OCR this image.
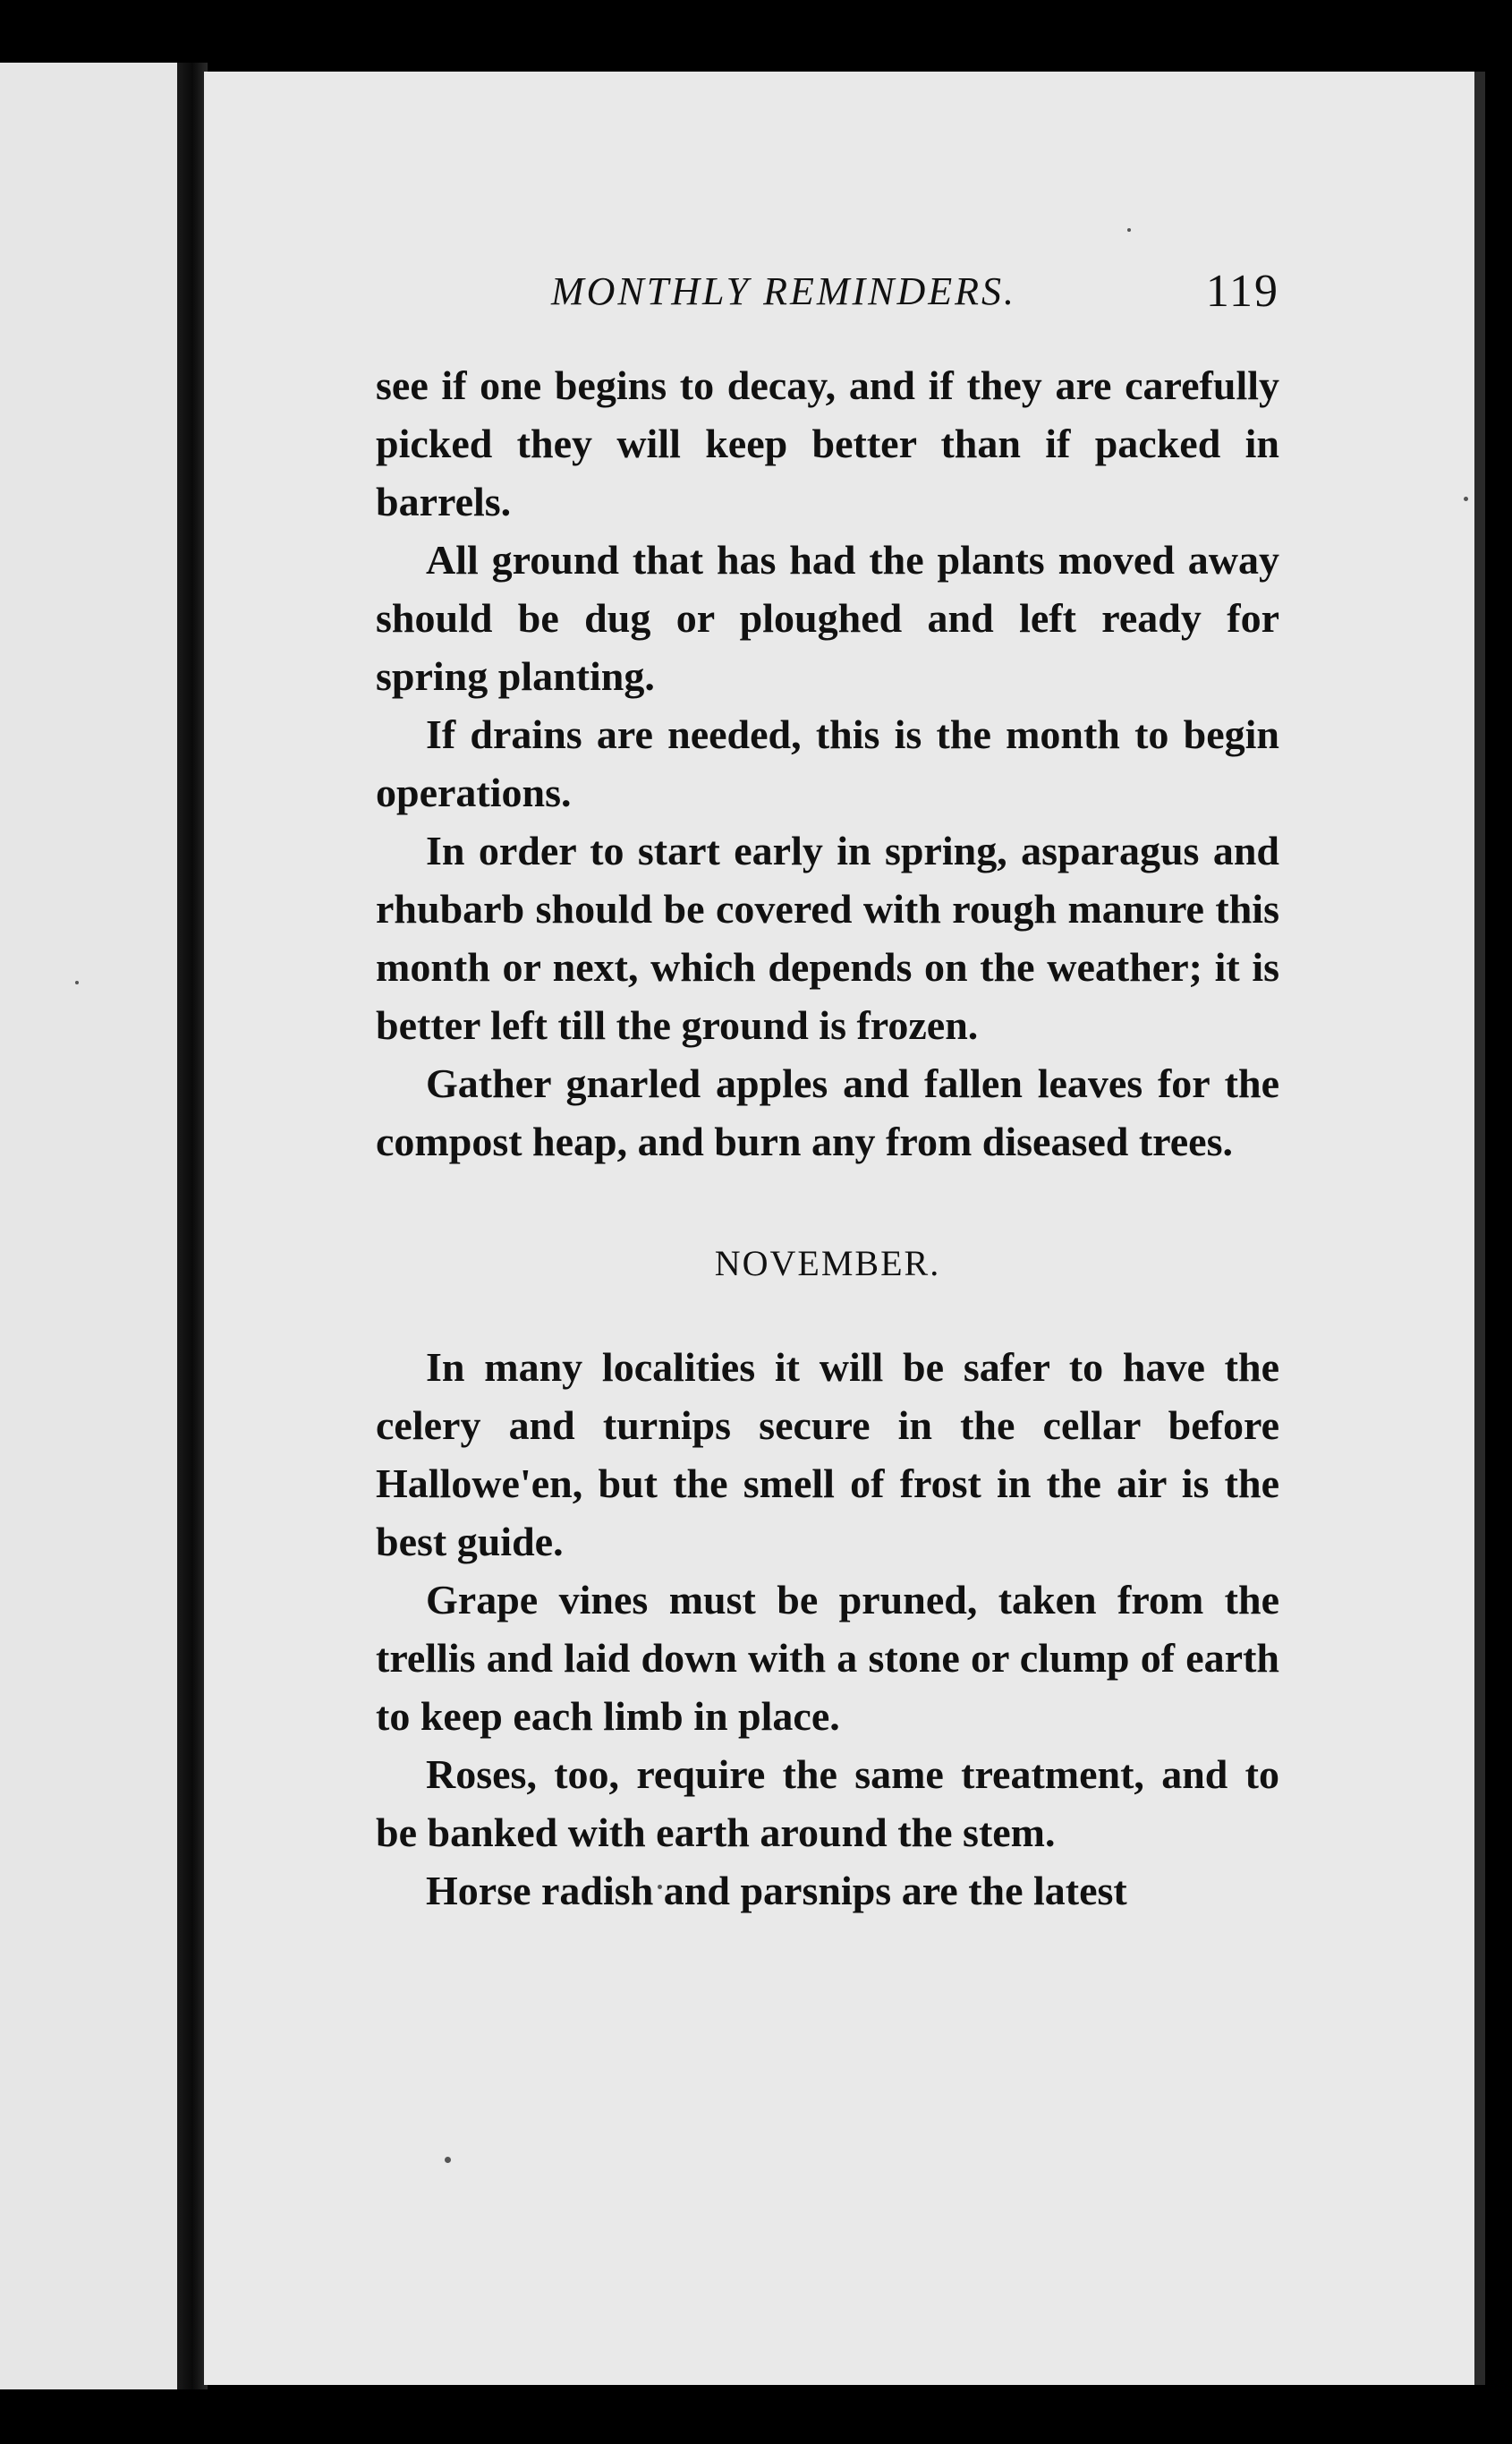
MONTHLY REMINDERS.	119

see if one begins to decay, and if they are carefully picked they will keep better than if packed in barrels.

All ground that has had the plants moved away should be dug or ploughed and left ready for spring planting.

If drains are needed, this is the month to begin operations.

In order to start early in spring, asparagus and rhubarb should be covered with rough manure this month or next, which depends on the weather; it is better left till the ground is frozen.

Gather gnarled apples and fallen leaves for the compost heap, and burn any from diseased trees.

NOVEMBER.

In many localities it will be safer to have the celery and turnips secure in the cellar before Hallowe'en, but the smell of frost in the air is the best guide.

Grape vines must be pruned, taken from the trellis and laid down with a stone or clump of earth to keep each limb in place.

Roses, too, require the same treatment, and to be banked with earth around the stem.

Horse radish and parsnips are the latest
